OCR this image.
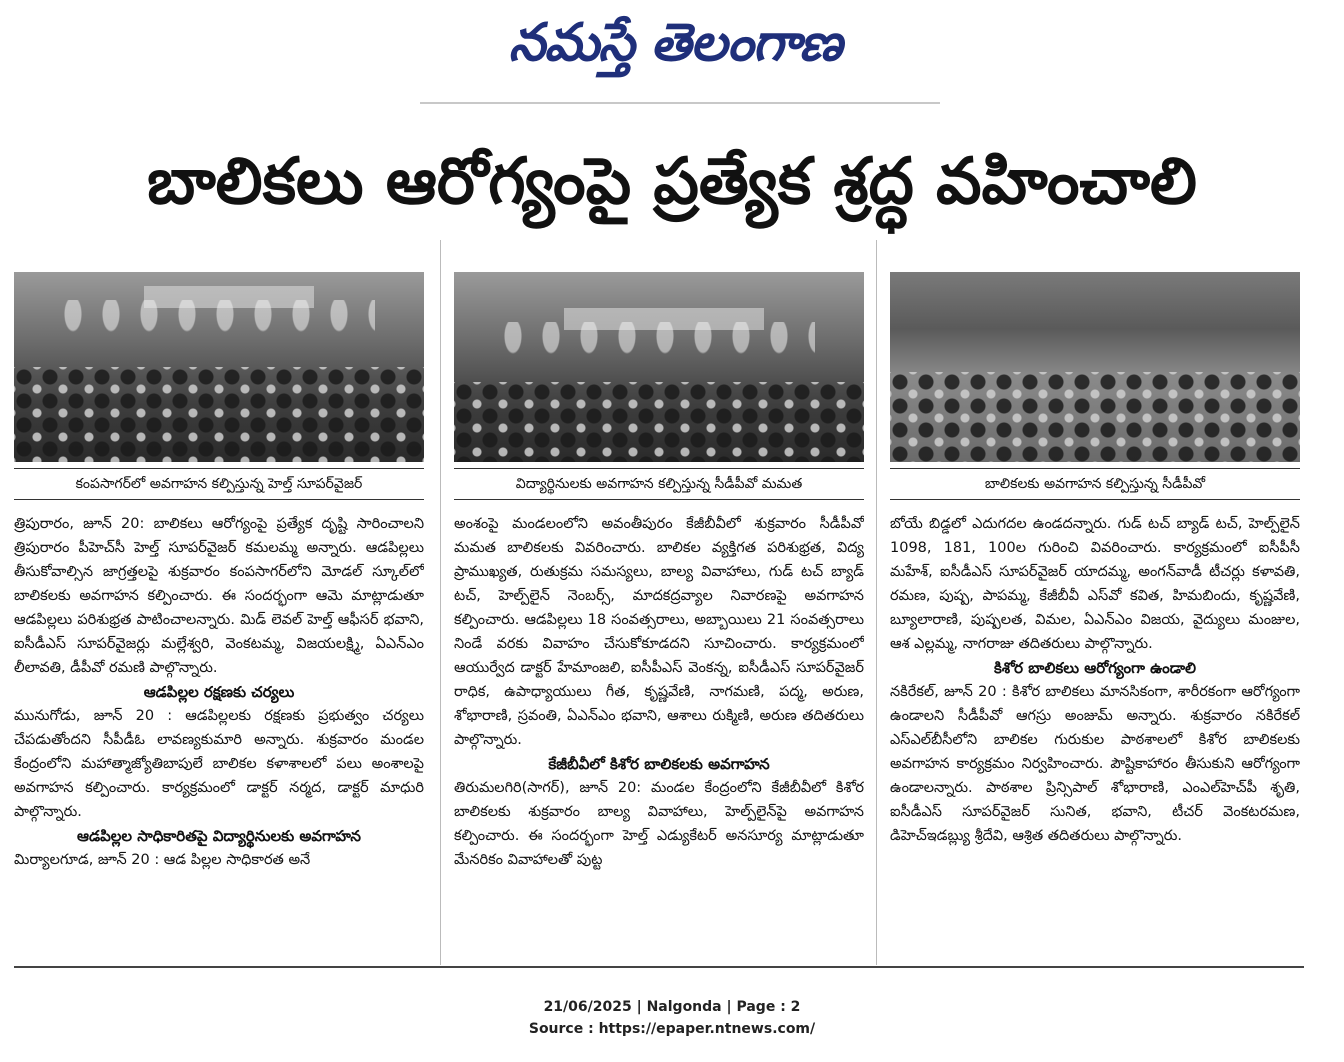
నమస్తే తెలంగాణ
బాలికలు ఆరోగ్యంపై ప్రత్యేక శ్రద్ధ వహించాలి
కంపసాగర్‌లో అవగాహన కల్పిస్తున్న హెల్త్ సూపర్‌వైజర్	విద్యార్థినులకు అవగాహన కల్పిస్తున్న సీడీపీవో మమత	బాలికలకు అవగాహన కల్పిస్తున్న సీడీపీవో

త్రిపురారం, జూన్ 20: బాలికలు ఆరోగ్యంపై ప్రత్యేక దృష్టి సారించాలని త్రిపురారం పీహెచ్‌సీ హెల్త్ సూపర్‌వైజర్ కమలమ్మ అన్నారు. ఆడపిల్లలు తీసుకోవాల్సిన జాగ్రత్తలపై శుక్రవారం కంపసాగర్‌లోని మోడల్ స్కూల్‌లో బాలికలకు అవగాహన కల్పించారు. ఈ సందర్భంగా ఆమె మాట్లాడుతూ ఆడపిల్లలు పరిశుభ్రత పాటించాలన్నారు. మిడ్ లెవల్ హెల్త్ ఆఫీసర్ భవాని, ఐసీడీఎస్ సూపర్‌వైజర్లు మల్లేశ్వరి, వెంకటమ్మ, విజయలక్ష్మి, ఏఎన్‌ఎం లీలావతి, డీపీవో రమణి పాల్గొన్నారు.

ఆడపిల్లల రక్షణకు చర్యలు

మునుగోడు, జూన్ 20 : ఆడపిల్లలకు రక్షణకు ప్రభుత్వం చర్యలు చేపడుతోందని సీపీడీఓ లావణ్యకుమారి అన్నారు. శుక్రవారం మండల కేంద్రంలోని మహాత్మాజ్యోతిబాపులే బాలికల కళాశాలలో పలు అంశాలపై అవగాహన కల్పించారు. కార్యక్రమంలో డాక్టర్ నర్మద, డాక్టర్ మాధురి పాల్గొన్నారు.

ఆడపిల్లల సాధికారితపై విద్యార్థినులకు అవగాహన

మిర్యాలగూడ, జూన్ 20 : ఆడ పిల్లల సాధికారత అనే

అంశంపై మండలంలోని అవంతీపురం కేజీబీవీలో శుక్రవారం సీడీపీవో మమత బాలికలకు వివరించారు. బాలికల వ్యక్తిగత పరిశుభ్రత, విద్య ప్రాముఖ్యత, రుతుక్రమ సమస్యలు, బాల్య వివాహాలు, గుడ్ టచ్ బ్యాడ్ టచ్, హెల్ప్‌లైన్ నెంబర్స్, మాదకద్రవ్యాల నివారణపై అవగాహన కల్పించారు. ఆడపిల్లలు 18 సంవత్సరాలు, అబ్బాయిలు 21 సంవత్సరాలు నిండే వరకు వివాహం చేసుకోకూడదని సూచించారు. కార్యక్రమంలో ఆయుర్వేద డాక్టర్ హేమాంజలి, ఐసీపీఎస్ వెంకన్న, ఐసీడీఎస్ సూపర్‌వైజర్ రాధిక, ఉపాధ్యాయులు గీత, కృష్ణవేణి, నాగమణి, పద్మ, అరుణ, శోభారాణి, స్రవంతి, ఏఎన్‌ఎం భవాని, ఆశాలు రుక్మిణి, అరుణ తదితరులు పాల్గొన్నారు.

కేజీబీవీలో కిశోర బాలికలకు అవగాహన

తిరుమలగిరి(సాగర్), జూన్ 20: మండల కేంద్రంలోని కేజీబీవీలో కిశోర బాలికలకు శుక్రవారం బాల్య వివాహాలు, హెల్ప్‌లైన్‌పై అవగాహన కల్పించారు. ఈ సందర్భంగా హెల్త్ ఎడ్యుకేటర్ అనసూర్య మాట్లాడుతూ మేనరికం వివాహాలతో పుట్ట

బోయే బిడ్డలో ఎదుగదల ఉండదన్నారు. గుడ్ టచ్ బ్యాడ్ టచ్, హెల్ప్‌లైన్ 1098, 181, 100ల గురించి వివరించారు. కార్యక్రమంలో ఐసీపీసీ మహేశ్, ఐసీడీఎస్ సూపర్‌వైజర్ యాదమ్మ, అంగన్‌వాడీ టీచర్లు కళావతి, రమణ, పుష్ప, పాపమ్మ, కేజీబీవీ ఎస్‌వో కవిత, హిమబిందు, కృష్ణవేణి, బ్యూలారాణి, పుష్పలత, విమల, ఏఎన్‌ఎం విజయ, వైద్యులు మంజుల, ఆశ ఎల్లమ్మ, నాగరాజు తదితరులు పాల్గొన్నారు.

కిశోర బాలికలు ఆరోగ్యంగా ఉండాలి

నకిరేకల్, జూన్ 20 : కిశోర బాలికలు మానసికంగా, శారీరకంగా ఆరోగ్యంగా ఉండాలని సీడీపీవో ఆగస్రు అంజుమ్ అన్నారు. శుక్రవారం నకిరేకల్ ఎస్ఎల్‌బీసీలోని బాలికల గురుకుల పాఠశాలలో కిశోర బాలికలకు అవగాహన కార్యక్రమం నిర్వహించారు. పౌష్టికాహారం తీసుకుని ఆరోగ్యంగా ఉండాలన్నారు. పాఠశాల ప్రిన్సిపాల్ శోభారాణి, ఎంఎల్‌హెచ్‌పీ శృతి, ఐసీడీఎస్ సూపర్‌వైజర్ సునిత, భవాని, టీచర్ వెంకటరమణ, డిహెచ్‌ఇడబ్ల్యు శ్రీదేవి, ఆశ్రిత తదితరులు పాల్గొన్నారు.

21/06/2025 | Nalgonda | Page : 2
Source : https://epaper.ntnews.com/
